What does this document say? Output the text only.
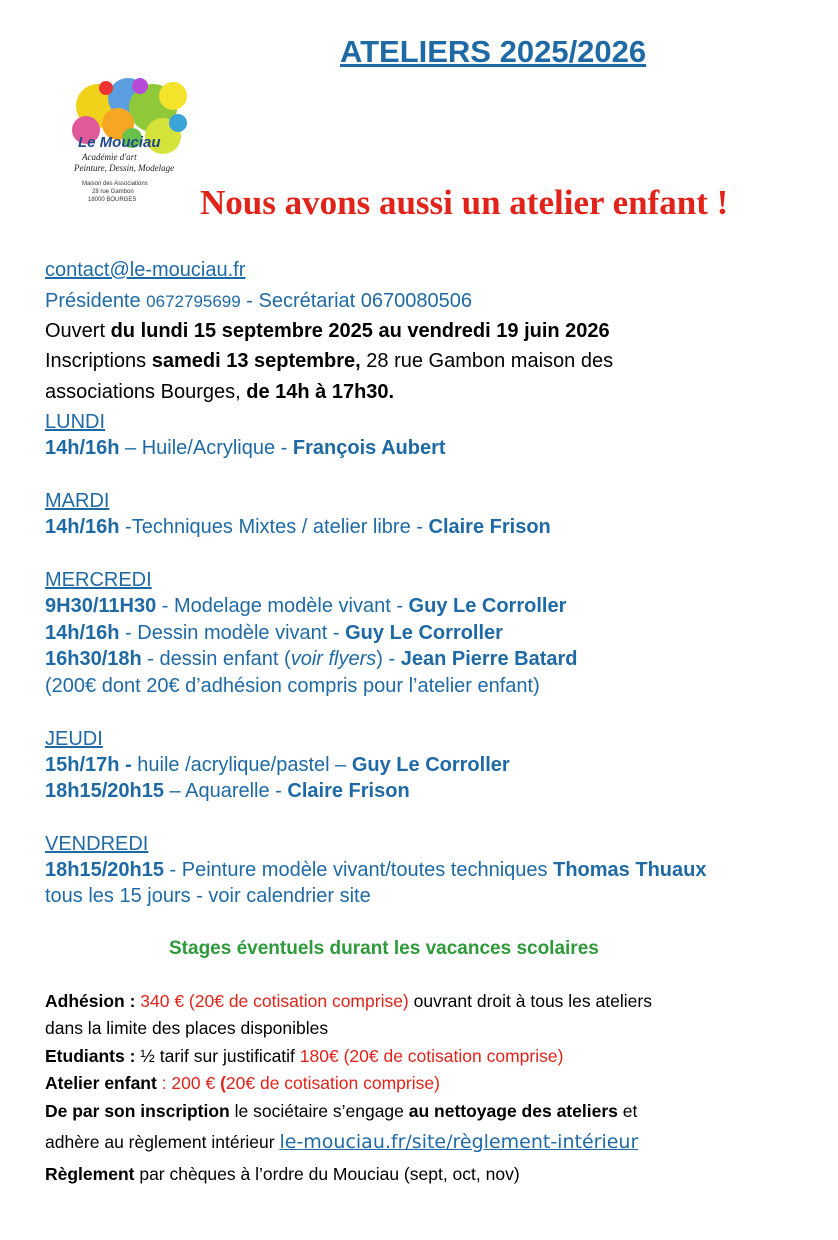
ATELIERS 2025/2026
Le Mouciau
Académie d'art
Peinture, Dessin, Modelage
Maison des Associations
28 rue Gambon
18000 BOURGES Nous avons aussi un atelier enfant !
contact@le-mouciau.fr
Présidente 0672795699 - Secrétariat 0670080506
Ouvert du lundi 15 septembre 2025 au vendredi 19 juin 2026
Inscriptions samedi 13 septembre, 28 rue Gambon maison des
associations Bourges, de 14h à 17h30.
LUNDI
14h/16h – Huile/Acrylique - François Aubert
MARDI
14h/16h -Techniques Mixtes / atelier libre - Claire Frison
MERCREDI
9H30/11H30 - Modelage modèle vivant - Guy Le Corroller
14h/16h - Dessin modèle vivant - Guy Le Corroller
16h30/18h - dessin enfant (voir flyers) - Jean Pierre Batard
(200€ dont 20€ d’adhésion compris pour l’atelier enfant)
JEUDI
15h/17h - huile /acrylique/pastel – Guy Le Corroller
18h15/20h15 – Aquarelle - Claire Frison
VENDREDI
18h15/20h15 - Peinture modèle vivant/toutes techniques Thomas Thuaux
tous les 15 jours - voir calendrier site
Stages éventuels durant les vacances scolaires
Adhésion : 340 € (20€ de cotisation comprise) ouvrant droit à tous les ateliers
dans la limite des places disponibles
Etudiants : ½ tarif sur justificatif 180€ (20€ de cotisation comprise)
Atelier enfant : 200 € (20€ de cotisation comprise)
De par son inscription le sociétaire s’engage au nettoyage des ateliers et
adhère au règlement intérieur le-mouciau.fr/site/règlement-intérieur
Règlement par chèques à l’ordre du Mouciau (sept, oct, nov)
